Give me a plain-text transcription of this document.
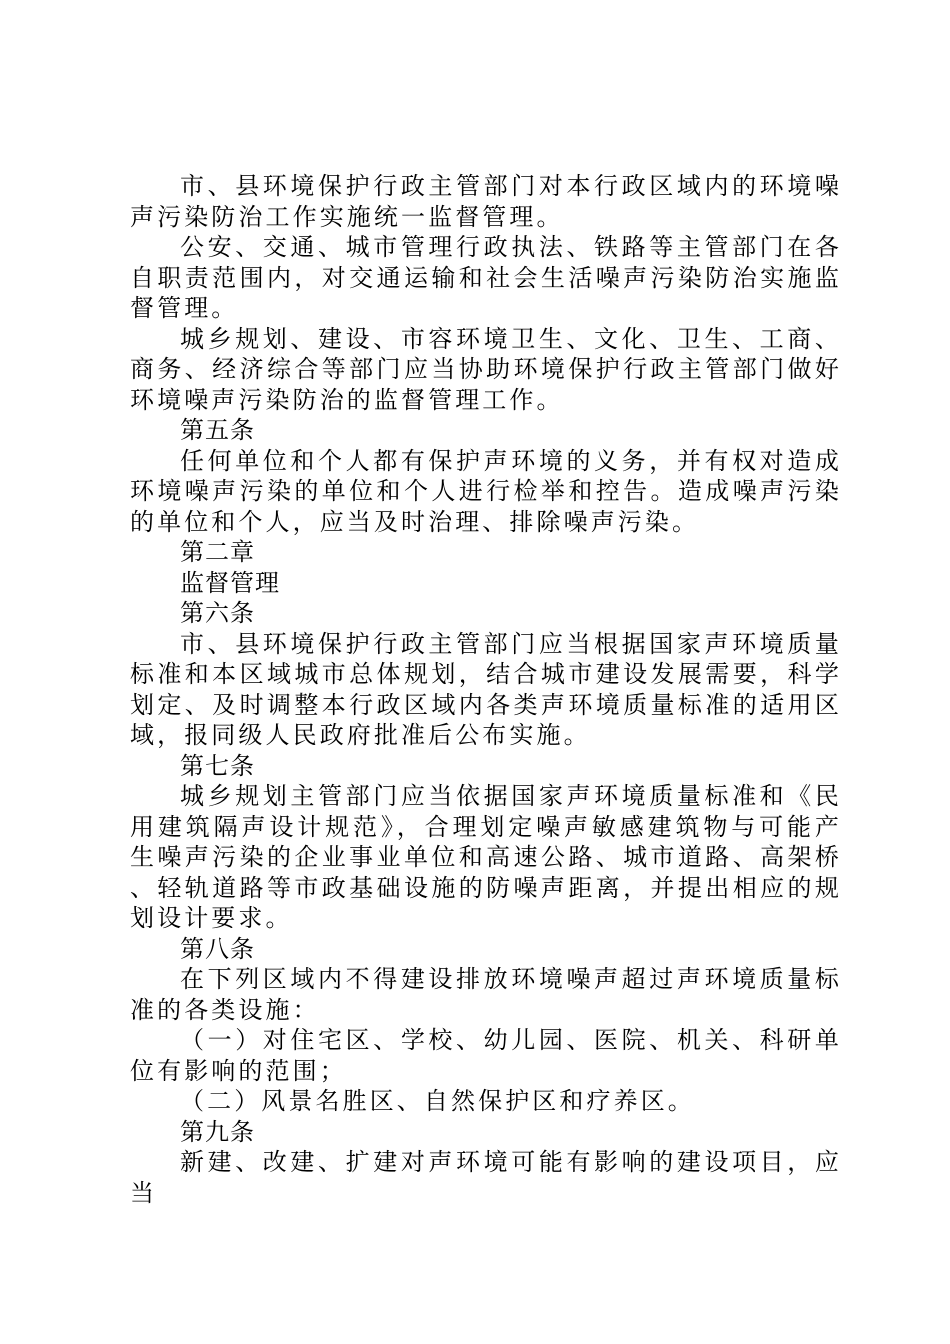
市、县环境保护行政主管部门对本行政区域内的环境噪声污染防治工作实施统一监督管理。

公安、交通、城市管理行政执法、铁路等主管部门在各自职责范围内，对交通运输和社会生活噪声污染防治实施监督管理。

城乡规划、建设、市容环境卫生、文化、卫生、工商、商务、经济综合等部门应当协助环境保护行政主管部门做好环境噪声污染防治的监督管理工作。

第五条

任何单位和个人都有保护声环境的义务，并有权对造成环境噪声污染的单位和个人进行检举和控告。造成噪声污染的单位和个人，应当及时治理、排除噪声污染。

第二章

监督管理

第六条

市、县环境保护行政主管部门应当根据国家声环境质量标准和本区域城市总体规划，结合城市建设发展需要，科学划定、及时调整本行政区域内各类声环境质量标准的适用区域，报同级人民政府批准后公布实施。

第七条

城乡规划主管部门应当依据国家声环境质量标准和《民用建筑隔声设计规范》，合理划定噪声敏感建筑物与可能产生噪声污染的企业事业单位和高速公路、城市道路、高架桥、轻轨道路等市政基础设施的防噪声距离，并提出相应的规划设计要求。

第八条

在下列区域内不得建设排放环境噪声超过声环境质量标准的各类设施：

（一）对住宅区、学校、幼儿园、医院、机关、科研单位有影响的范围；

（二）风景名胜区、自然保护区和疗养区。

第九条

新建、改建、扩建对声环境可能有影响的建设项目，应当
